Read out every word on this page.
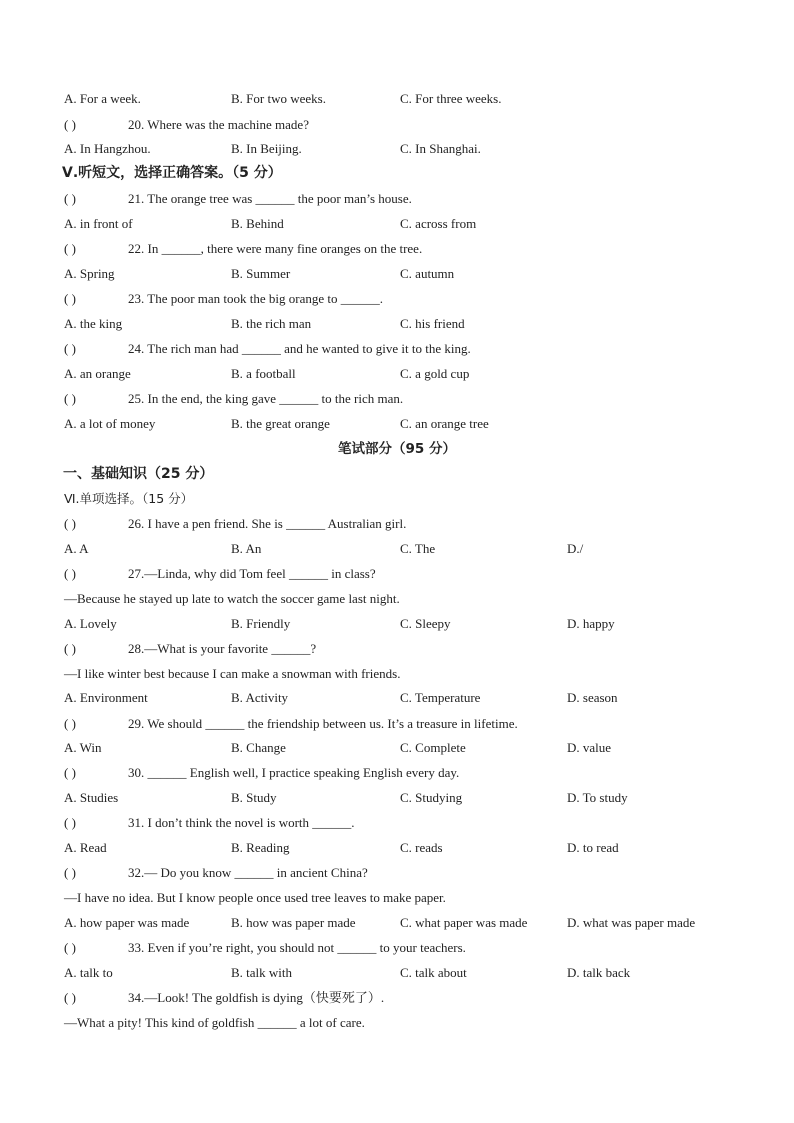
A. For a week.	B. For two weeks.	C. For three weeks.
( )	20. Where was the machine made?
A. In Hangzhou.	B. In Beijing.	C. In Shanghai.
Ⅴ.听短文，选择正确答案。（5 分）
( )	21. The orange tree was ______ the poor man’s house.
A. in front of	B. Behind	C. across from
( )	22. In ______, there were many fine oranges on the tree.
A. Spring	B. Summer	C. autumn
( )	23. The poor man took the big orange to ______.
A. the king	B. the rich man	C. his friend
( )	24. The rich man had ______ and he wanted to give it to the king.
A. an orange	B. a football	C. a gold cup
( )	25. In the end, the king gave ______ to the rich man.
A. a lot of money	B. the great orange	C. an orange tree
笔试部分（95 分）
一、基础知识（25 分）
Ⅵ.单项选择。（15 分）
( )	26. I have a pen friend. She is ______ Australian girl.
A. A	B. An	C. The	D./
( )	27.—Linda, why did Tom feel ______ in class?
—Because he stayed up late to watch the soccer game last night.
A. Lovely	B. Friendly	C. Sleepy	D. happy
( )	28.—What is your favorite ______?
—I like winter best because I can make a snowman with friends.
A. Environment	B. Activity	C. Temperature	D. season
( )	29. We should ______ the friendship between us. It’s a treasure in lifetime.
A. Win	B. Change	C. Complete	D. value
( )	30. ______ English well, I practice speaking English every day.
A. Studies	B. Study	C. Studying	D. To study
( )	31. I don’t think the novel is worth ______.
A. Read	B. Reading	C. reads	D. to read
( )	32.— Do you know ______ in ancient China?
—I have no idea. But I know people once used tree leaves to make paper.
A. how paper was made	B. how was paper made	C. what paper was made	D. what was paper made
( )	33. Even if you’re right, you should not ______ to your teachers.
A. talk to	B. talk with	C. talk about	D. talk back
( )	34.—Look! The goldfish is dying（快要死了）.
—What a pity! This kind of goldfish ______ a lot of care.
